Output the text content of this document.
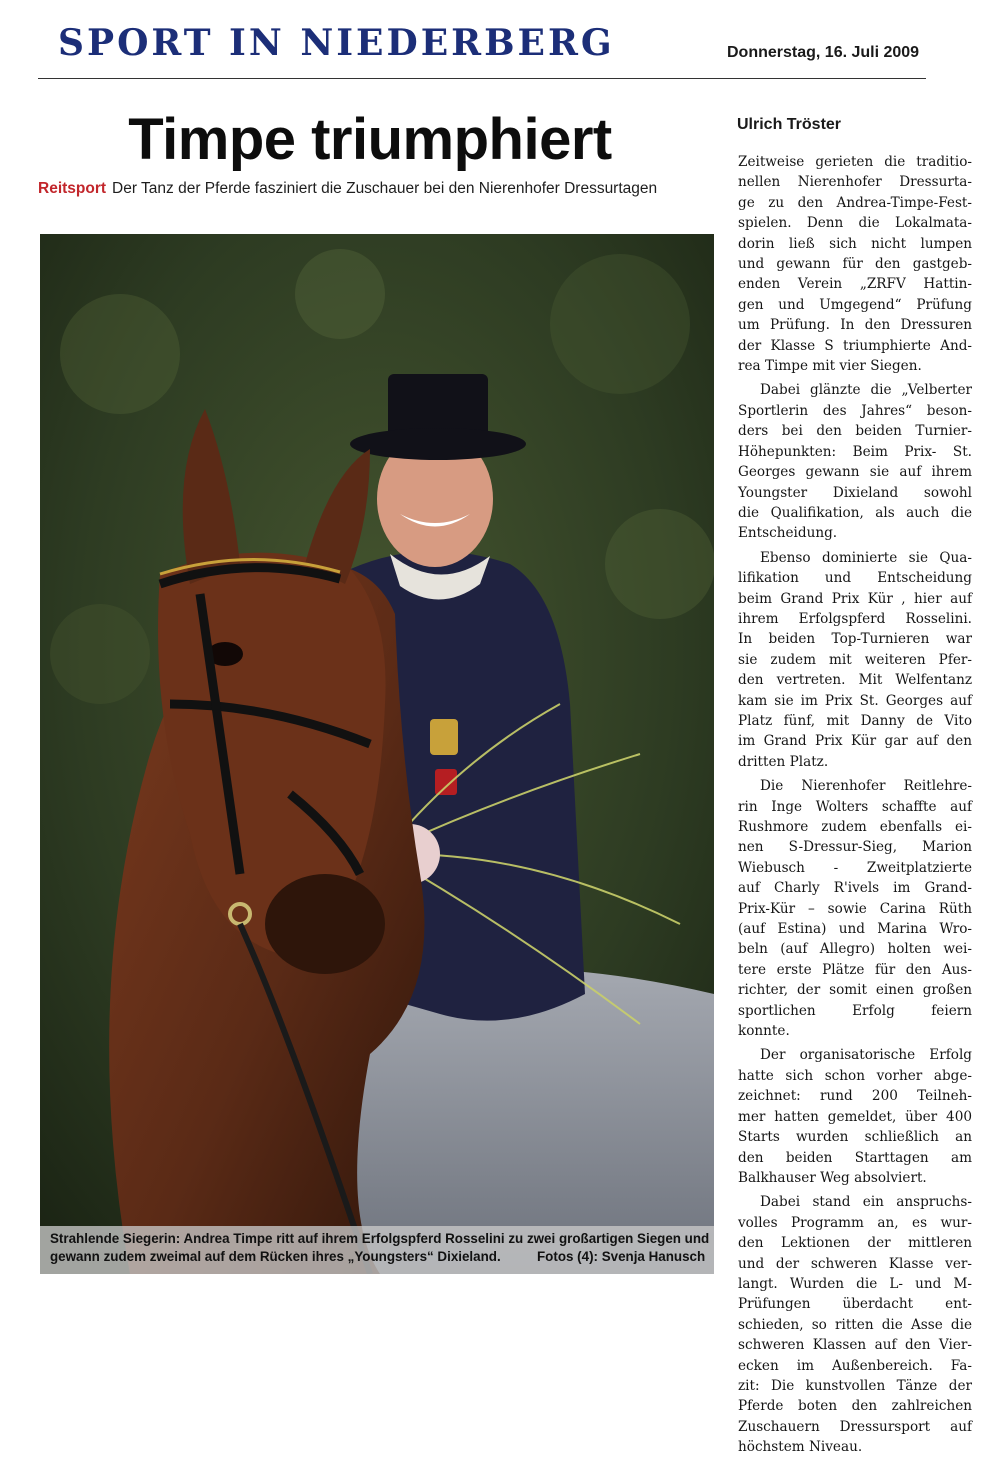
SPORT IN NIEDERBERG	Donnerstag, 16. Juli 2009
Timpe triumphiert
Reitsport Der Tanz der Pferde fasziniert die Zuschauer bei den Nierenhofer Dressurtagen
Strahlende Siegerin: Andrea Timpe ritt auf ihrem Erfolgspferd Rosselini zu zwei großartigen Siegen und
gewann zudem zweimal auf dem Rücken ihres „Youngsters“ Dixieland.	Fotos (4): Svenja Hanusch
Ulrich Tröster
Zeitweise gerieten die traditio-
nellen Nierenhofer Dressurta-
ge zu den Andrea-Timpe-Fest-
spielen. Denn die Lokalmata-
dorin ließ sich nicht lumpen
und gewann für den gastgeb-
enden Verein „ZRFV Hattin-
gen und Umgegend“ Prüfung
um Prüfung. In den Dressuren
der Klasse S triumphierte And-
rea Timpe mit vier Siegen.
Dabei glänzte die „Velberter
Sportlerin des Jahres“ beson-
ders bei den beiden Turnier-
Höhepunkten: Beim Prix- St.
Georges gewann sie auf ihrem
Youngster Dixieland sowohl
die Qualifikation, als auch die
Entscheidung.
Ebenso dominierte sie Qua-
lifikation und Entscheidung
beim Grand Prix Kür , hier auf
ihrem Erfolgspferd Rosselini.
In beiden Top-Turnieren war
sie zudem mit weiteren Pfer-
den vertreten. Mit Welfentanz
kam sie im Prix St. Georges auf
Platz fünf, mit Danny de Vito
im Grand Prix Kür gar auf den
dritten Platz.
Die Nierenhofer Reitlehre-
rin Inge Wolters schaffte auf
Rushmore zudem ebenfalls ei-
nen S-Dressur-Sieg, Marion
Wiebusch - Zweitplatzierte
auf Charly R'ivels im Grand-
Prix-Kür – sowie Carina Rüth
(auf Estina) und Marina Wro-
beln (auf Allegro) holten wei-
tere erste Plätze für den Aus-
richter, der somit einen großen
sportlichen Erfolg feiern
konnte.
Der organisatorische Erfolg
hatte sich schon vorher abge-
zeichnet: rund 200 Teilneh-
mer hatten gemeldet, über 400
Starts wurden schließlich an
den beiden Starttagen am
Balkhauser Weg absolviert.
Dabei stand ein anspruchs-
volles Programm an, es wur-
den Lektionen der mittleren
und der schweren Klasse ver-
langt. Wurden die L- und M-
Prüfungen überdacht ent-
schieden, so ritten die Asse die
schweren Klassen auf den Vier-
ecken im Außenbereich. Fa-
zit: Die kunstvollen Tänze der
Pferde boten den zahlreichen
Zuschauern Dressursport auf
höchstem Niveau.
